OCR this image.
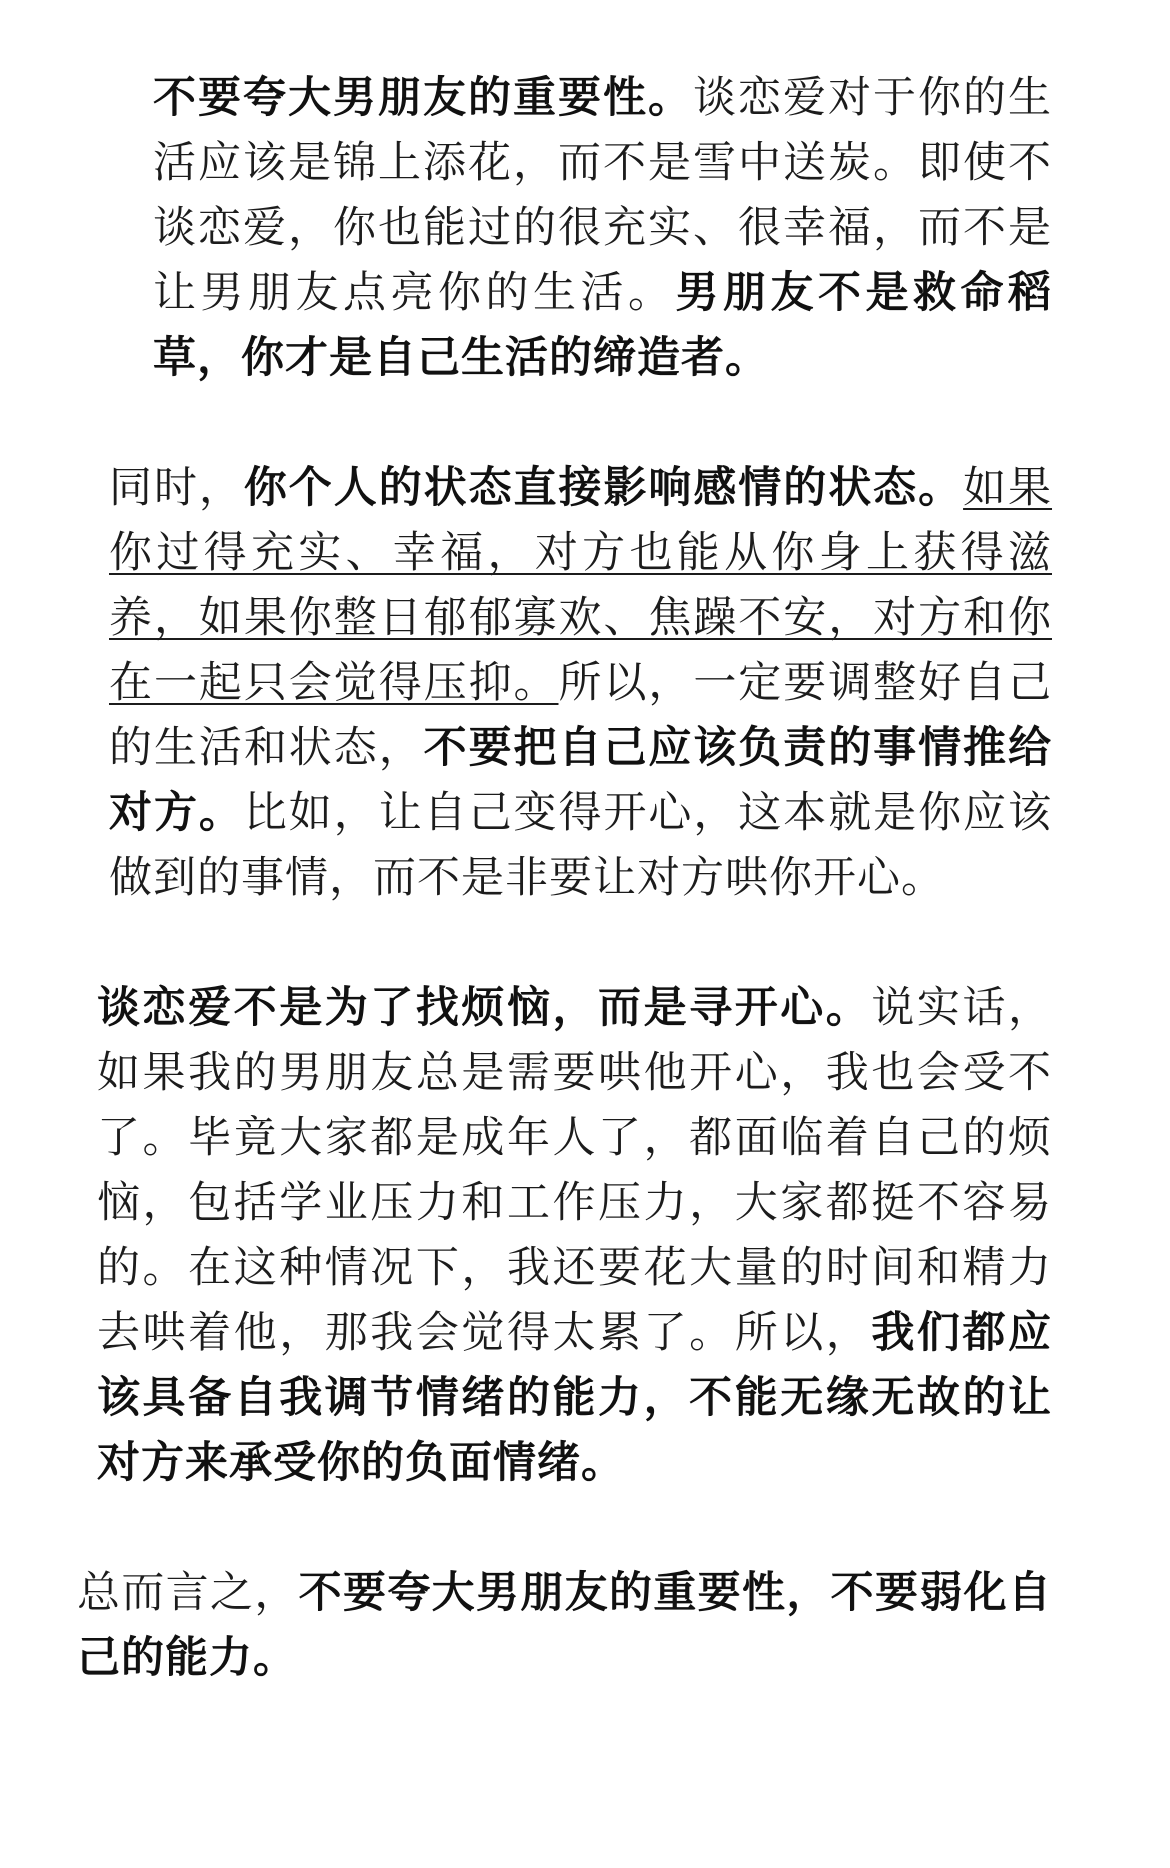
不要夸大男朋友的重要性。谈恋爱对于你的生活应该是锦上添花，而不是雪中送炭。即使不谈恋爱，你也能过的很充实、很幸福，而不是让男朋友点亮你的生活。男朋友不是救命稻草，你才是自己生活的缔造者。

同时，你个人的状态直接影响感情的状态。如果你过得充实、幸福，对方也能从你身上获得滋养，如果你整日郁郁寡欢、焦躁不安，对方和你在一起只会觉得压抑。所以，一定要调整好自己的生活和状态，不要把自己应该负责的事情推给对方。比如，让自己变得开心，这本就是你应该做到的事情，而不是非要让对方哄你开心。

谈恋爱不是为了找烦恼，而是寻开心。说实话，如果我的男朋友总是需要哄他开心，我也会受不了。毕竟大家都是成年人了，都面临着自己的烦恼，包括学业压力和工作压力，大家都挺不容易的。在这种情况下，我还要花大量的时间和精力去哄着他，那我会觉得太累了。所以，我们都应该具备自我调节情绪的能力，不能无缘无故的让对方来承受你的负面情绪。

总而言之，不要夸大男朋友的重要性，不要弱化自己的能力。
